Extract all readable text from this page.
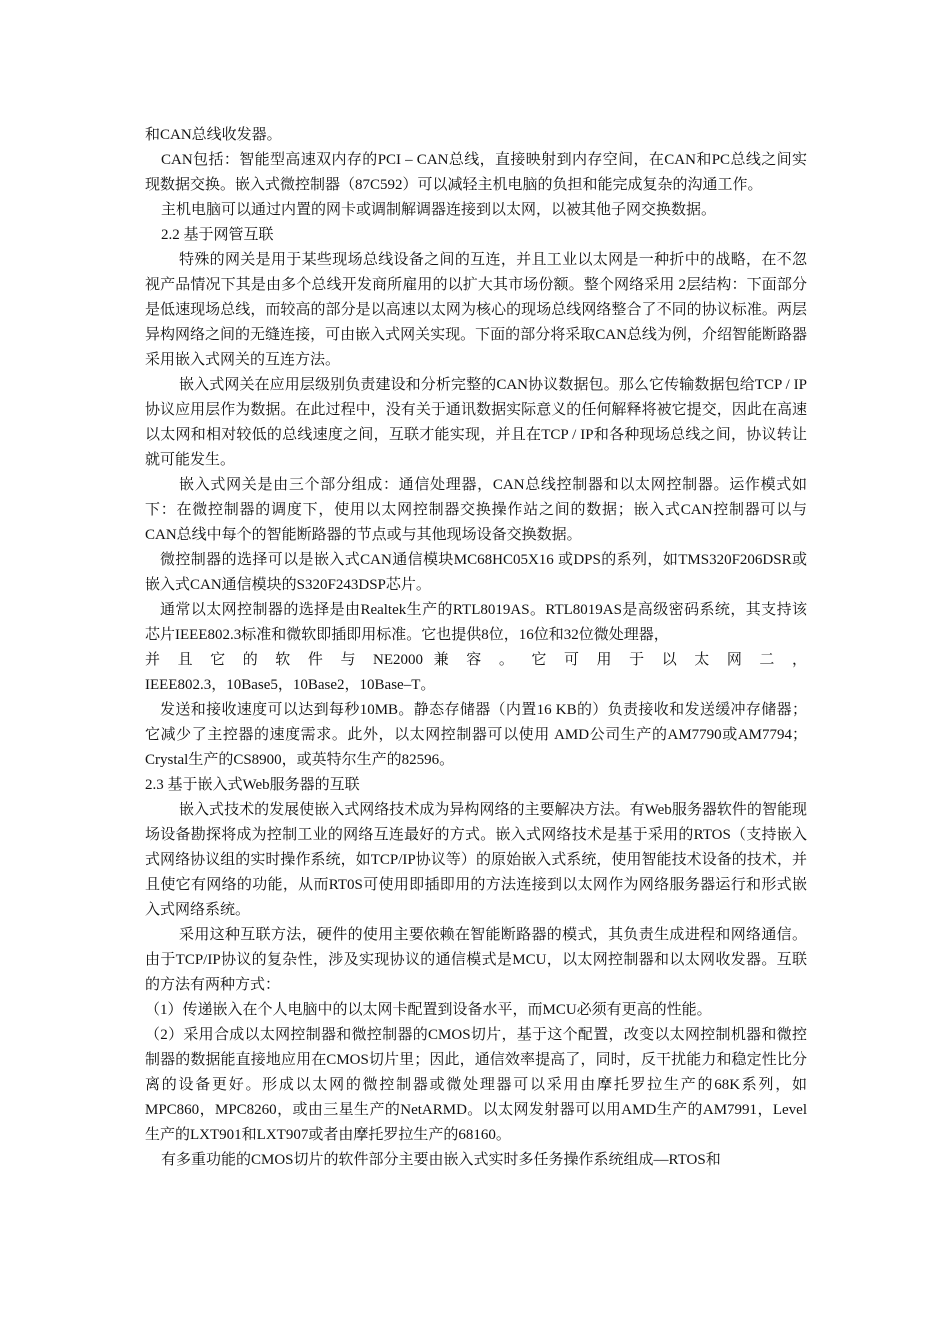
和CAN总线收发器。

CAN包括：智能型高速双内存的PCI – CAN总线，直接映射到内存空间，在CAN和PC总线之间实现数据交换。嵌入式微控制器（87C592）可以减轻主机电脑的负担和能完成复杂的沟通工作。

主机电脑可以通过内置的网卡或调制解调器连接到以太网，以被其他子网交换数据。

2.2 基于网管互联

特殊的网关是用于某些现场总线设备之间的互连，并且工业以太网是一种折中的战略，在不忽视产品情况下其是由多个总线开发商所雇用的以扩大其市场份额。整个网络采用 2层结构：下面部分是低速现场总线，而较高的部分是以高速以太网为核心的现场总线网络整合了不同的协议标准。两层异构网络之间的无缝连接，可由嵌入式网关实现。下面的部分将采取CAN总线为例，介绍智能断路器采用嵌入式网关的互连方法。

嵌入式网关在应用层级别负责建设和分析完整的CAN协议数据包。那么它传输数据包给TCP / IP协议应用层作为数据。在此过程中，没有关于通讯数据实际意义的任何解释将被它提交，因此在高速以太网和相对较低的总线速度之间，互联才能实现，并且在TCP / IP和各种现场总线之间，协议转让就可能发生。

嵌入式网关是由三个部分组成：通信处理器，CAN总线控制器和以太网控制器。运作模式如下：在微控制器的调度下，使用以太网控制器交换操作站之间的数据；嵌入式CAN控制器可以与CAN总线中每个的智能断路器的节点或与其他现场设备交换数据。

微控制器的选择可以是嵌入式CAN通信模块MC68HC05X16 或DPS的系列，如TMS320F206DSR或嵌入式CAN通信模块的S320F243DSP芯片。

通常以太网控制器的选择是由Realtek生产的RTL8019AS。RTL8019AS是高级密码系统，其支持该芯片IEEE802.3标准和微软即插即用标准。它也提供8位，16位和32位微处理器，

并 且 它 的 软 件 与 NE2000 兼 容 。 它 可 用 于 以 太 网 二 ，

IEEE802.3，10Base5，10Base2，10Base–T。

发送和接收速度可以达到每秒10MB。静态存储器（内置16 KB的）负责接收和发送缓冲存储器；它减少了主控器的速度需求。此外，以太网控制器可以使用 AMD公司生产的AM7790或AM7794；Crystal生产的CS8900，或英特尔生产的82596。

2.3 基于嵌入式Web服务器的互联

嵌入式技术的发展使嵌入式网络技术成为异构网络的主要解决方法。有Web服务器软件的智能现场设备勘探将成为控制工业的网络互连最好的方式。嵌入式网络技术是基于采用的RTOS（支持嵌入式网络协议组的实时操作系统，如TCP/IP协议等）的原始嵌入式系统，使用智能技术设备的技术，并且使它有网络的功能，从而RT0S可使用即插即用的方法连接到以太网作为网络服务器运行和形式嵌入式网络系统。

采用这种互联方法，硬件的使用主要依赖在智能断路器的模式，其负责生成进程和网络通信。由于TCP/IP协议的复杂性，涉及实现协议的通信模式是MCU，以太网控制器和以太网收发器。互联的方法有两种方式：

（1）传递嵌入在个人电脑中的以太网卡配置到设备水平，而MCU必须有更高的性能。

（2）采用合成以太网控制器和微控制器的CMOS切片，基于这个配置，改变以太网控制机器和微控制器的数据能直接地应用在CMOS切片里；因此，通信效率提高了，同时，反干扰能力和稳定性比分离的设备更好。形成以太网的微控制器或微处理器可以采用由摩托罗拉生产的68K系列，如MPC860，MPC8260，或由三星生产的NetARMD。以太网发射器可以用AMD生产的AM7991，Level生产的LXT901和LXT907或者由摩托罗拉生产的68160。

有多重功能的CMOS切片的软件部分主要由嵌入式实时多任务操作系统组成—RTOS和
